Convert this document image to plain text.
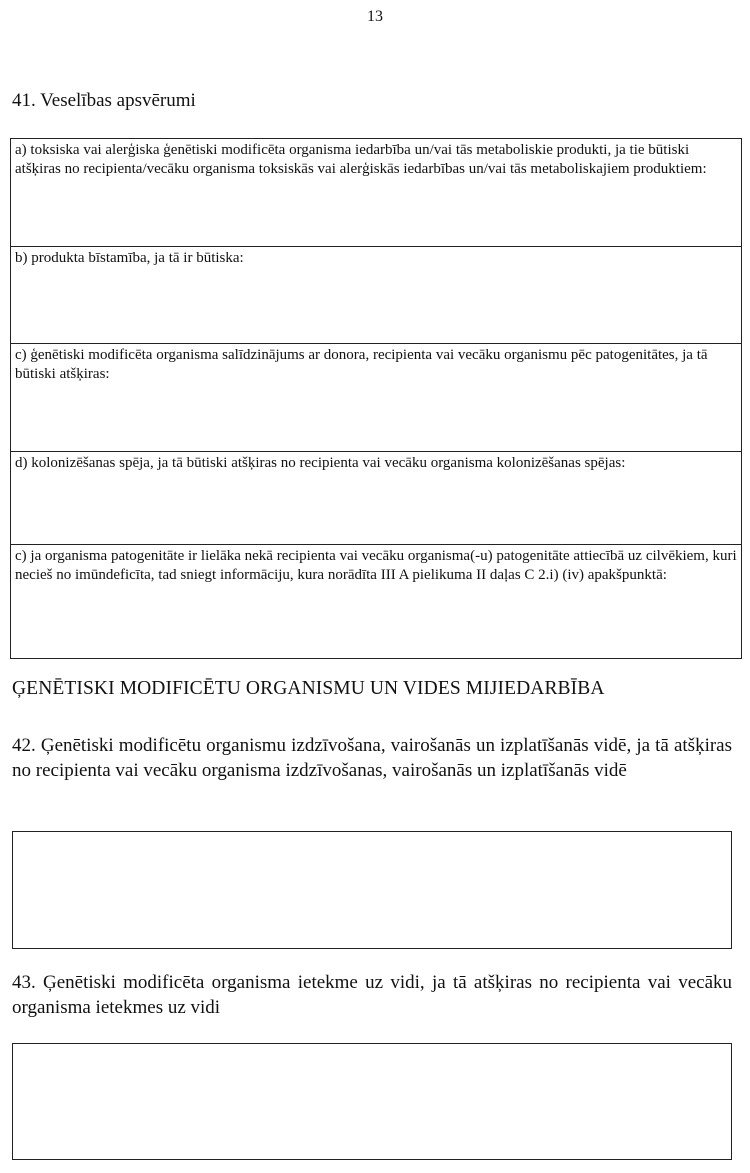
13
41. Veselības apsvērumi
a) toksiska vai alerģiska ģenētiski modificēta organisma iedarbība un/vai tās metaboliskie produkti, ja tie būtiski atšķiras no recipienta/vecāku organisma toksiskās vai alerģiskās iedarbības un/vai tās metaboliskajiem produktiem:
b) produkta bīstamība, ja tā ir būtiska:
c) ģenētiski modificēta organisma salīdzinājums ar donora, recipienta vai vecāku organismu pēc patogenitātes, ja tā būtiski atšķiras:
d) kolonizēšanas spēja, ja tā būtiski atšķiras no recipienta vai vecāku organisma kolonizēšanas spējas:
c) ja organisma patogenitāte ir lielāka nekā recipienta vai vecāku organisma(-u) patogenitāte attiecībā uz cilvēkiem, kuri necieš no imūndeficīta, tad sniegt informāciju, kura norādīta III A pielikuma II daļas C 2.i) (iv) apakšpunktā:
ĢENĒTISKI MODIFICĒTU ORGANISMU UN VIDES MIJIEDARBĪBA
42. Ģenētiski modificētu organismu izdzīvošana, vairošanās un izplatīšanās vidē, ja tā atšķiras no recipienta vai vecāku organisma izdzīvošanas, vairošanās un izplatīšanās vidē
43. Ģenētiski modificēta organisma ietekme uz vidi, ja tā atšķiras no recipienta vai vecāku organisma ietekmes uz vidi
